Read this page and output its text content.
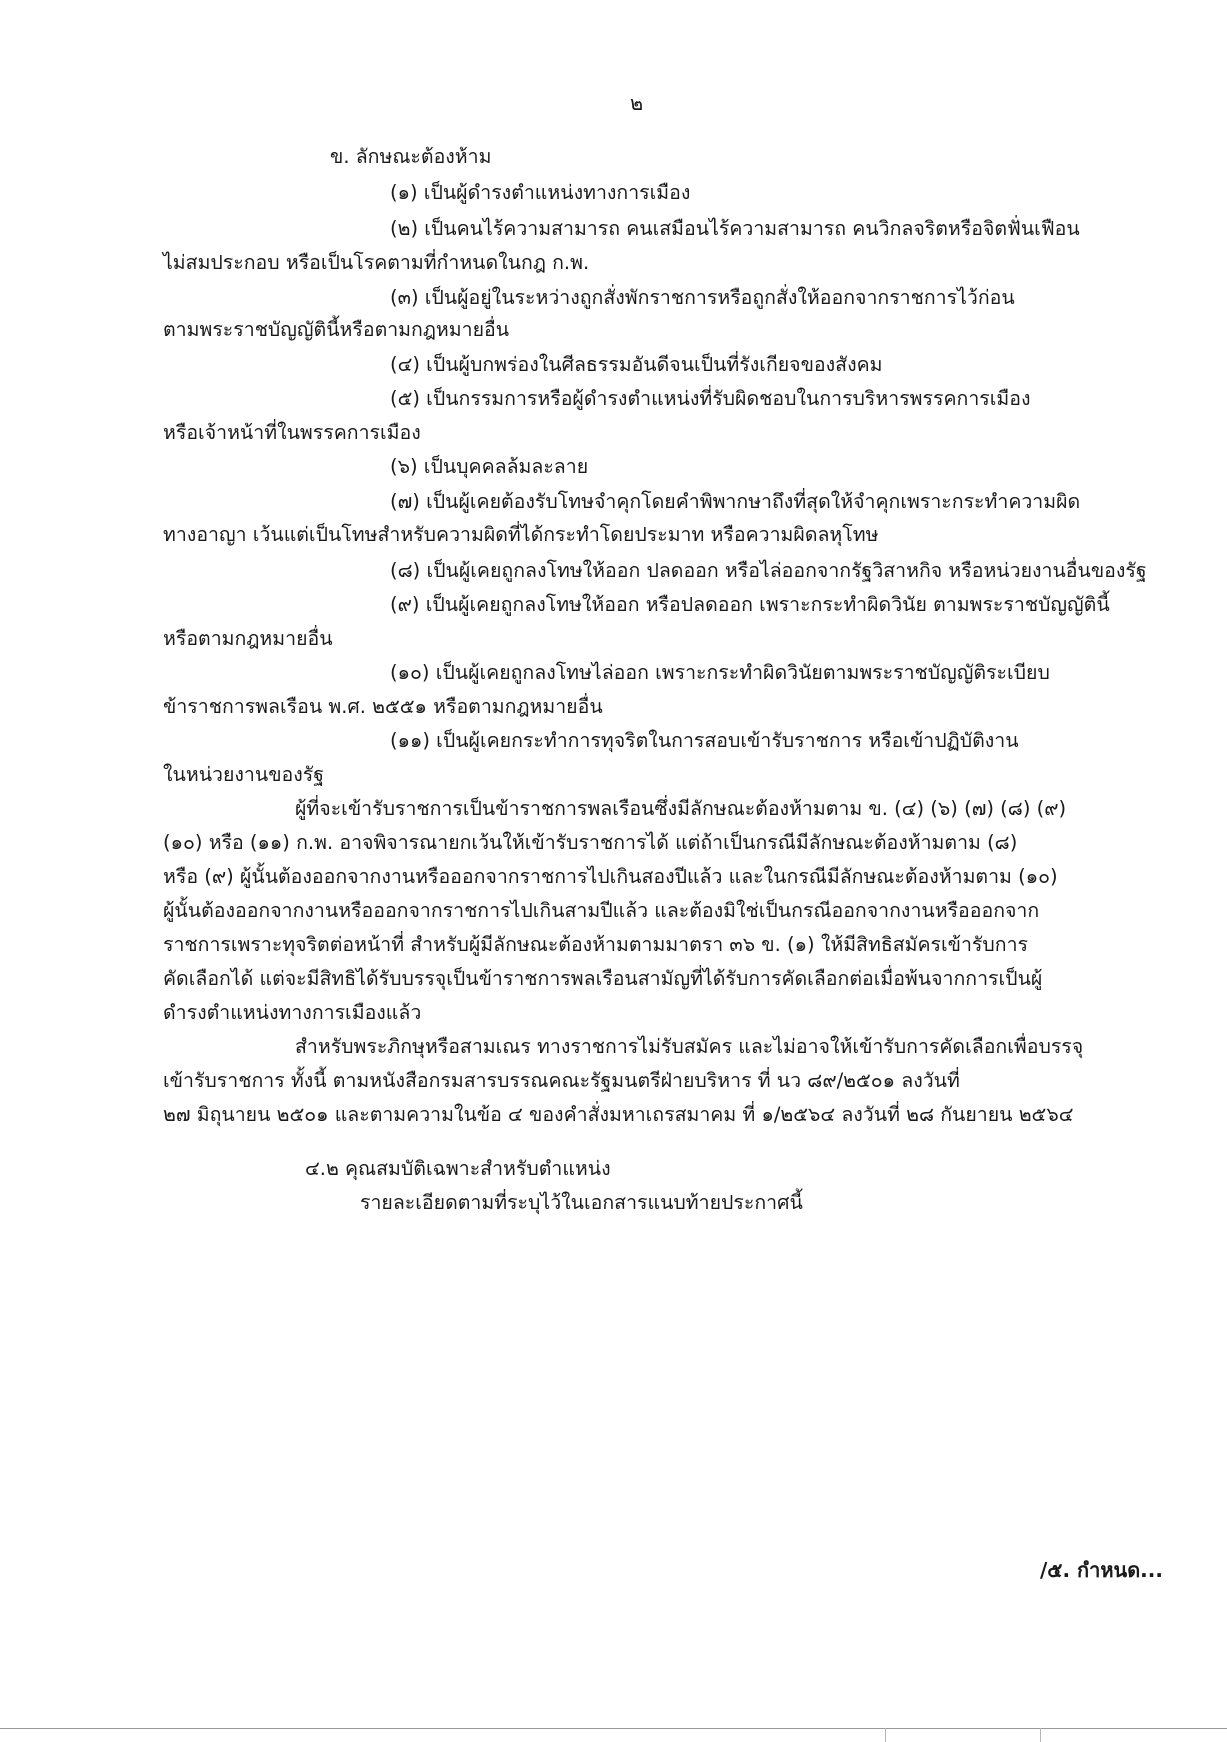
๒
ข. ลักษณะต้องห้าม
(๑) เป็นผู้ดำรงตำแหน่งทางการเมือง
(๒) เป็นคนไร้ความสามารถ คนเสมือนไร้ความสามารถ คนวิกลจริตหรือจิตฟั่นเฟือน
ไม่สมประกอบ หรือเป็นโรคตามที่กำหนดในกฎ ก.พ.
(๓) เป็นผู้อยู่ในระหว่างถูกสั่งพักราชการหรือถูกสั่งให้ออกจากราชการไว้ก่อน
ตามพระราชบัญญัตินี้หรือตามกฎหมายอื่น
(๔) เป็นผู้บกพร่องในศีลธรรมอันดีจนเป็นที่รังเกียจของสังคม
(๕) เป็นกรรมการหรือผู้ดำรงตำแหน่งที่รับผิดชอบในการบริหารพรรคการเมือง
หรือเจ้าหน้าที่ในพรรคการเมือง
(๖) เป็นบุคคลล้มละลาย
(๗) เป็นผู้เคยต้องรับโทษจำคุกโดยคำพิพากษาถึงที่สุดให้จำคุกเพราะกระทำความผิด
ทางอาญา เว้นแต่เป็นโทษสำหรับความผิดที่ได้กระทำโดยประมาท หรือความผิดลหุโทษ
(๘) เป็นผู้เคยถูกลงโทษให้ออก ปลดออก หรือไล่ออกจากรัฐวิสาหกิจ หรือหน่วยงานอื่นของรัฐ
(๙) เป็นผู้เคยถูกลงโทษให้ออก หรือปลดออก เพราะกระทำผิดวินัย ตามพระราชบัญญัตินี้
หรือตามกฎหมายอื่น
(๑๐) เป็นผู้เคยถูกลงโทษไล่ออก เพราะกระทำผิดวินัยตามพระราชบัญญัติระเบียบ
ข้าราชการพลเรือน พ.ศ. ๒๕๕๑ หรือตามกฎหมายอื่น
(๑๑) เป็นผู้เคยกระทำการทุจริตในการสอบเข้ารับราชการ หรือเข้าปฏิบัติงาน
ในหน่วยงานของรัฐ
ผู้ที่จะเข้ารับราชการเป็นข้าราชการพลเรือนซึ่งมีลักษณะต้องห้ามตาม ข. (๔) (๖) (๗) (๘) (๙)
(๑๐) หรือ (๑๑) ก.พ. อาจพิจารณายกเว้นให้เข้ารับราชการได้ แต่ถ้าเป็นกรณีมีลักษณะต้องห้ามตาม (๘)
หรือ (๙) ผู้นั้นต้องออกจากงานหรือออกจากราชการไปเกินสองปีแล้ว และในกรณีมีลักษณะต้องห้ามตาม (๑๐)
ผู้นั้นต้องออกจากงานหรือออกจากราชการไปเกินสามปีแล้ว และต้องมิใช่เป็นกรณีออกจากงานหรือออกจาก
ราชการเพราะทุจริตต่อหน้าที่ สำหรับผู้มีลักษณะต้องห้ามตามมาตรา ๓๖ ข. (๑) ให้มีสิทธิสมัครเข้ารับการ
คัดเลือกได้ แต่จะมีสิทธิได้รับบรรจุเป็นข้าราชการพลเรือนสามัญที่ได้รับการคัดเลือกต่อเมื่อพ้นจากการเป็นผู้
ดำรงตำแหน่งทางการเมืองแล้ว
สำหรับพระภิกษุหรือสามเณร ทางราชการไม่รับสมัคร และไม่อาจให้เข้ารับการคัดเลือกเพื่อบรรจุ
เข้ารับราชการ ทั้งนี้ ตามหนังสือกรมสารบรรณคณะรัฐมนตรีฝ่ายบริหาร ที่ นว ๘๙/๒๕๐๑ ลงวันที่
๒๗ มิถุนายน ๒๕๐๑ และตามความในข้อ ๔ ของคำสั่งมหาเถรสมาคม ที่ ๑/๒๕๖๔ ลงวันที่ ๒๘ กันยายน ๒๕๖๔
๔.๒ คุณสมบัติเฉพาะสำหรับตำแหน่ง
รายละเอียดตามที่ระบุไว้ในเอกสารแนบท้ายประกาศนี้
/๕. กำหนด...
